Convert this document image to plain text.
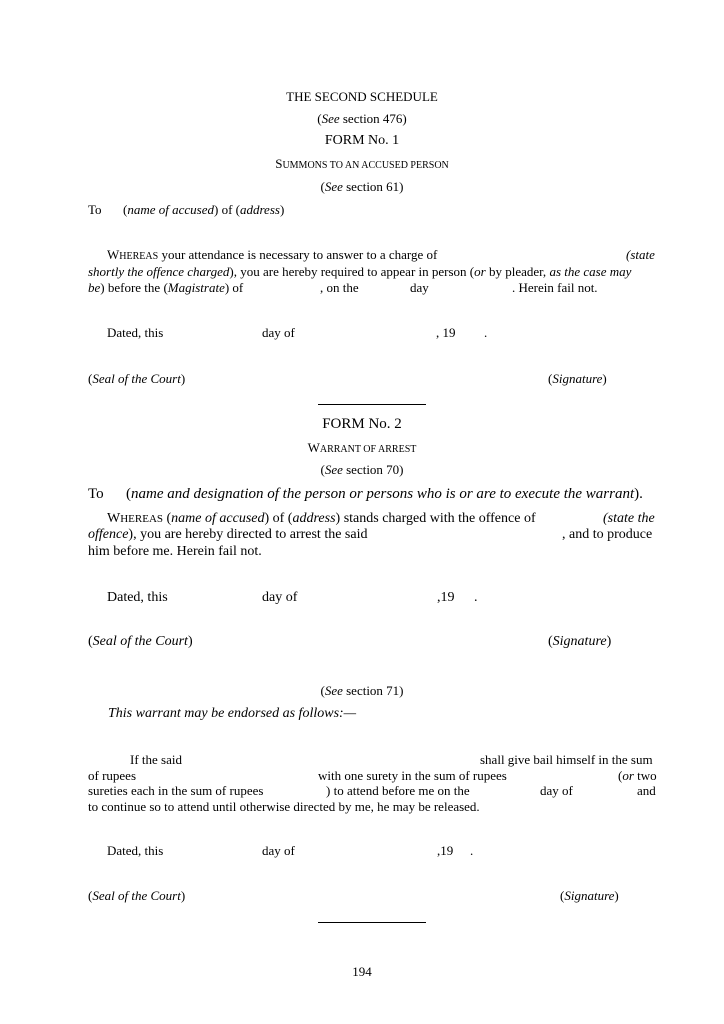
THE SECOND SCHEDULE
(See section 476)
FORM No. 1
SUMMONS TO AN ACCUSED PERSON
(See section 61)
To (name of accused) of (address)
WHEREAS your attendance is necessary to answer to a charge of	(state
shortly the offence charged), you are hereby required to appear in person (or by pleader, as the case may
be) before the (Magistrate) of	, on the	day	. Herein fail not.
Dated, this	day of	, 19 .
(Seal of the Court)	(Signature)
FORM No. 2
WARRANT OF ARREST
(See section 70)
To (name and designation of the person or persons who is or are to execute the warrant).
WHEREAS (name of accused) of (address) stands charged with the offence of	(state the
offence), you are hereby directed to arrest the said	, and to produce
him before me. Herein fail not.
Dated, this	day of	,19 .
(Seal of the Court)	(Signature)
(See section 71)
This warrant may be endorsed as follows:—
If the said	shall give bail himself in the sum
of rupees	with one surety in the sum of rupees	(or two
sureties each in the sum of rupees	) to attend before me on the	day of	and
to continue so to attend until otherwise directed by me, he may be released.
Dated, this	day of	,19 .
(Seal of the Court)	(Signature)
194
